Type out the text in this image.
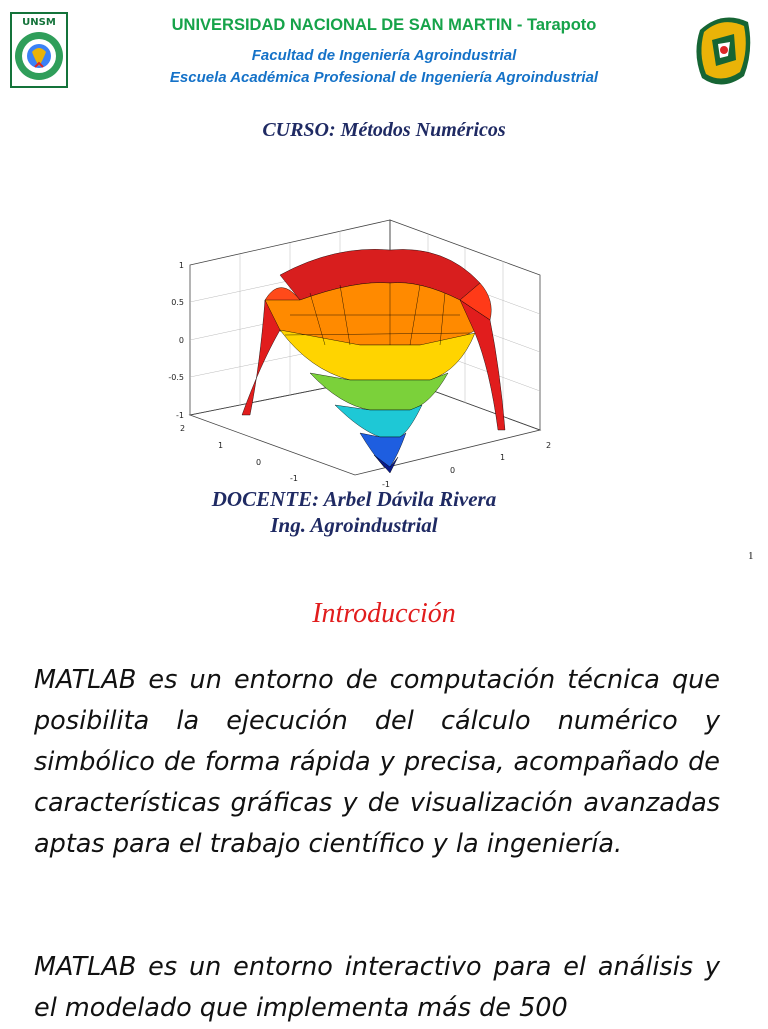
UNSM	UNIVERSIDAD NACIONAL DE SAN MARTIN - Tarapoto
Facultad de Ingeniería Agroindustrial
Escuela Académica Profesional de Ingeniería Agroindustrial
CURSO: Métodos Numéricos
1
0.5
0
-0.5
-1
2
1
0
-1
2
1
0
-1
DOCENTE: Arbel Dávila Rivera
Ing. Agroindustrial
1
Introducción

MATLAB es un entorno de computación técnica que posibilita la ejecución del cálculo numérico y simbólico de forma rápida y precisa, acompañado de características gráficas y de visualización avanzadas aptas para el trabajo científico y la ingeniería.

MATLAB es un entorno interactivo para el análisis y el modelado que implementa más de 500
